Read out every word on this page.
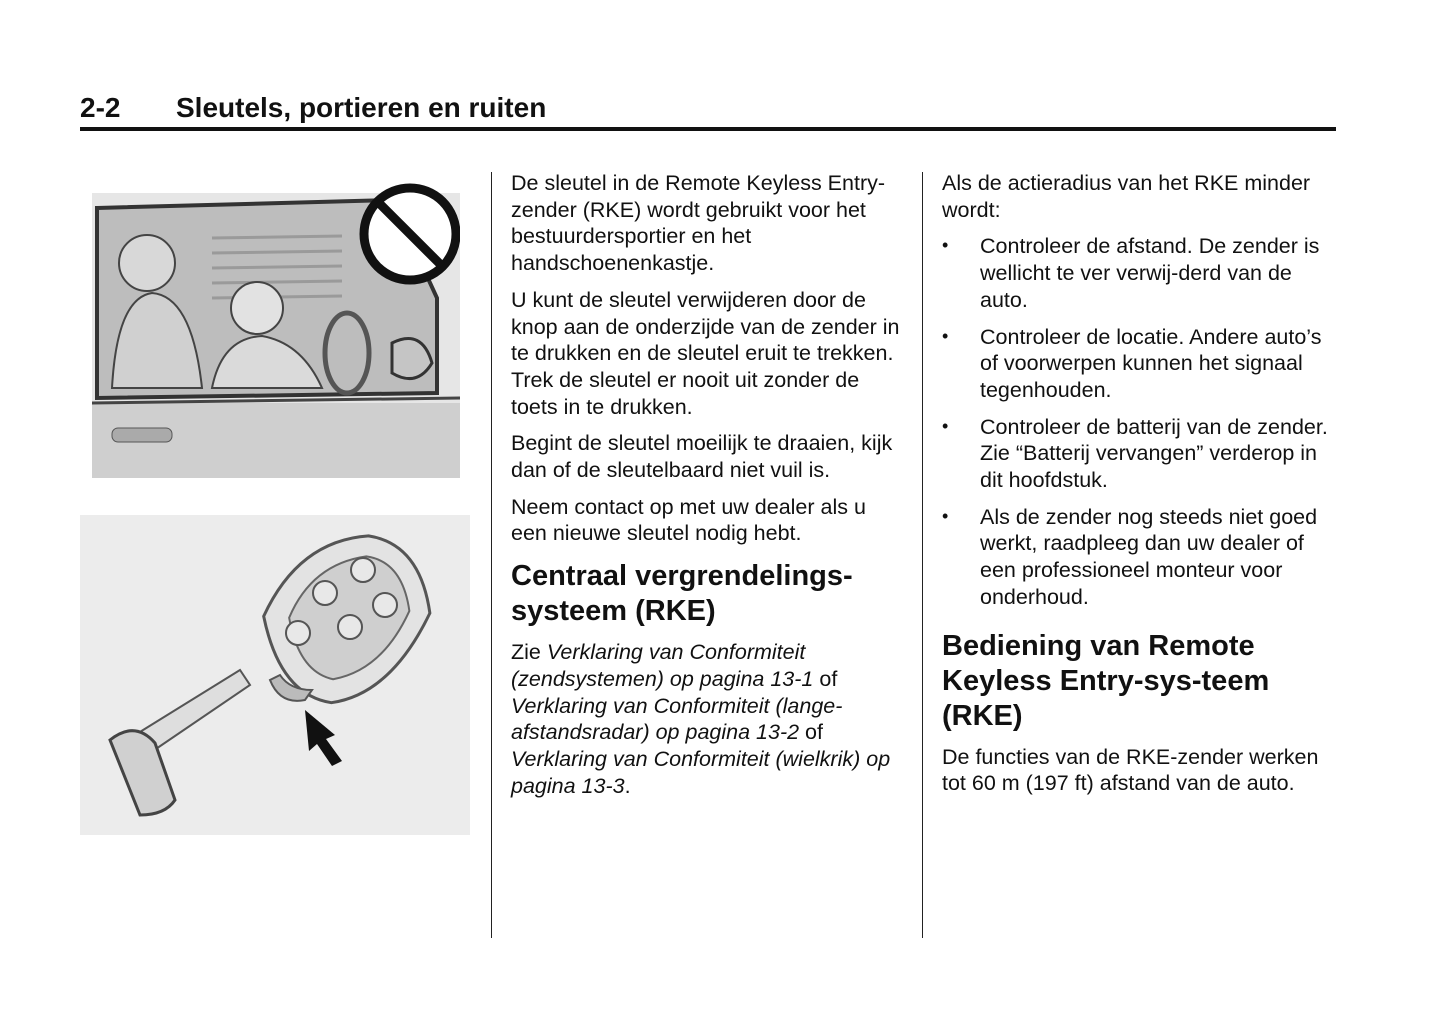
2-2 Sleutels, portieren en ruiten

De sleutel in de Remote Keyless Entry-zender (RKE) wordt gebruikt voor het bestuurdersportier en het handschoenenkastje.

U kunt de sleutel verwijderen door de knop aan de onderzijde van de zender in te drukken en de sleutel eruit te trekken. Trek de sleutel er nooit uit zonder de toets in te drukken.

Begint de sleutel moeilijk te draaien, kijk dan of de sleutelbaard niet vuil is.

Neem contact op met uw dealer als u een nieuwe sleutel nodig hebt.

Centraal vergrendelings-systeem (RKE)

Zie Verklaring van Conformiteit (zendsystemen) op pagina 13-1 of Verklaring van Conformiteit (lange-afstandsradar) op pagina 13-2 of Verklaring van Conformiteit (wielkrik) op pagina 13-3.

Als de actieradius van het RKE minder wordt:

• Controleer de afstand. De zender is wellicht te ver verwij-derd van de auto.
• Controleer de locatie. Andere auto’s of voorwerpen kunnen het signaal tegenhouden.
• Controleer de batterij van de zender. Zie “Batterij vervangen” verderop in dit hoofdstuk.
• Als de zender nog steeds niet goed werkt, raadpleeg dan uw dealer of een professioneel monteur voor onderhoud.
Bediening van Remote Keyless Entry-sys-teem (RKE)

De functies van de RKE-zender werken tot 60 m (197 ft) afstand van de auto.
